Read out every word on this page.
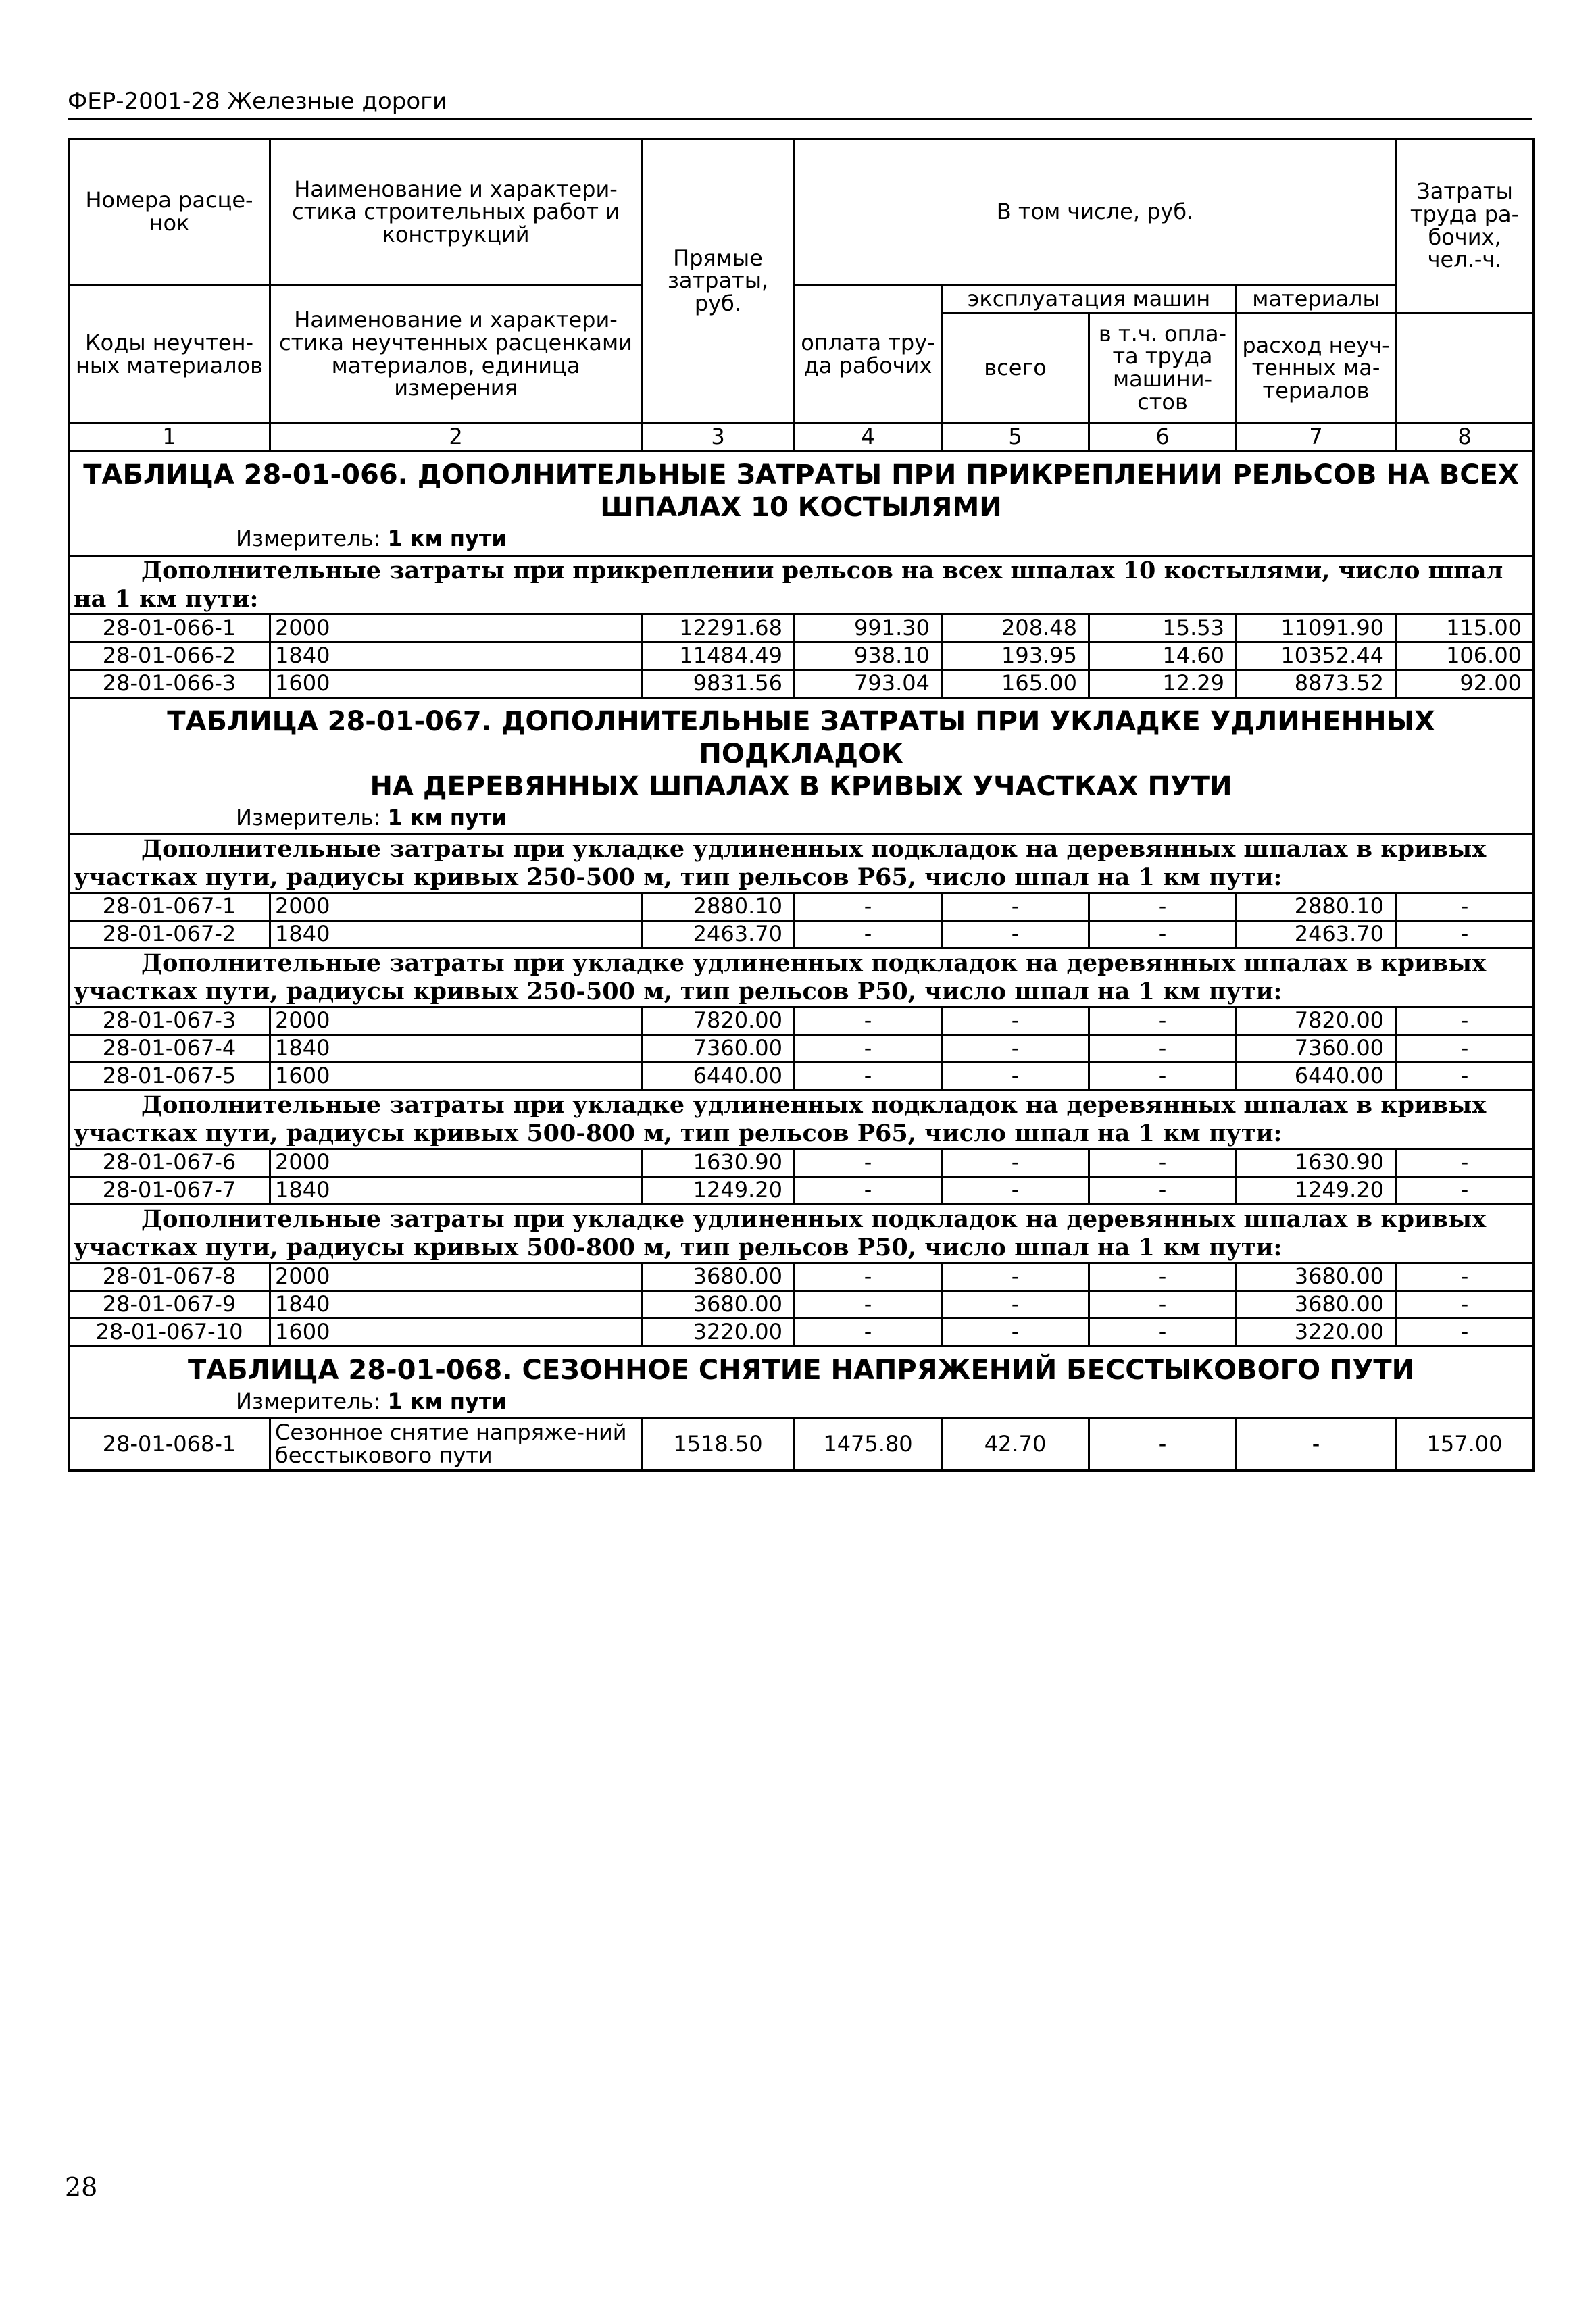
ФЕР-2001-28 Железные дороги
Номера расце-нок	Наименование и характери-стика строительных работ и конструкций	Прямые затраты, руб.	В том числе, руб.				Затраты труда ра-бочих, чел.-ч.
Коды неучтен-ных материалов	Наименование и характери-стика неучтенных расценками материалов, единица измерения		оплата тру-да рабочих	эксплуатация машин		материалы	
				всего	в т.ч. опла-та труда машини-стов	расход неуч-тенных ма-териалов	
1	2	3	4	5	6	7	8

ТАБЛИЦА 28-01-066. ДОПОЛНИТЕЛЬНЫЕ ЗАТРАТЫ ПРИ ПРИКРЕПЛЕНИИ РЕЛЬСОВ НА ВСЕХ
ШПАЛАХ 10 КОСТЫЛЯМИ
Измеритель: 1 км пути							

Дополнительные затраты при прикреплении рельсов на всех шпалах 10 костылями, число шпал на 1 км пути:							
28-01-066-1	2000	12291.68	991.30	208.48	15.53	11091.90	115.00
28-01-066-2	1840	11484.49	938.10	193.95	14.60	10352.44	106.00
28-01-066-3	1600	9831.56	793.04	165.00	12.29	8873.52	92.00

ТАБЛИЦА 28-01-067. ДОПОЛНИТЕЛЬНЫЕ ЗАТРАТЫ ПРИ УКЛАДКЕ УДЛИНЕННЫХ ПОДКЛАДОК
НА ДЕРЕВЯННЫХ ШПАЛАХ В КРИВЫХ УЧАСТКАХ ПУТИ
Измеритель: 1 км пути							

Дополнительные затраты при укладке удлиненных подкладок на деревянных шпалах в кривых участках пути, радиусы кривых 250-500 м, тип рельсов Р65, число шпал на 1 км пути:							
28-01-067-1	2000	2880.10	-	-	-	2880.10	-
28-01-067-2	1840	2463.70	-	-	-	2463.70	-
Дополнительные затраты при укладке удлиненных подкладок на деревянных шпалах в кривых участках пути, радиусы кривых 250-500 м, тип рельсов Р50, число шпал на 1 км пути:							
28-01-067-3	2000	7820.00	-	-	-	7820.00	-
28-01-067-4	1840	7360.00	-	-	-	7360.00	-
28-01-067-5	1600	6440.00	-	-	-	6440.00	-
Дополнительные затраты при укладке удлиненных подкладок на деревянных шпалах в кривых участках пути, радиусы кривых 500-800 м, тип рельсов Р65, число шпал на 1 км пути:							
28-01-067-6	2000	1630.90	-	-	-	1630.90	-
28-01-067-7	1840	1249.20	-	-	-	1249.20	-
Дополнительные затраты при укладке удлиненных подкладок на деревянных шпалах в кривых участках пути, радиусы кривых 500-800 м, тип рельсов Р50, число шпал на 1 км пути:							
28-01-067-8	2000	3680.00	-	-	-	3680.00	-
28-01-067-9	1840	3680.00	-	-	-	3680.00	-
28-01-067-10	1600	3220.00	-	-	-	3220.00	-

ТАБЛИЦА 28-01-068. СЕЗОННОЕ СНЯТИЕ НАПРЯЖЕНИЙ БЕССТЫКОВОГО ПУТИ
Измеритель: 1 км пути							

28-01-068-1	Сезонное снятие напряже-ний бесстыкового пути	1518.50	1475.80	42.70	-	-	157.00
28
